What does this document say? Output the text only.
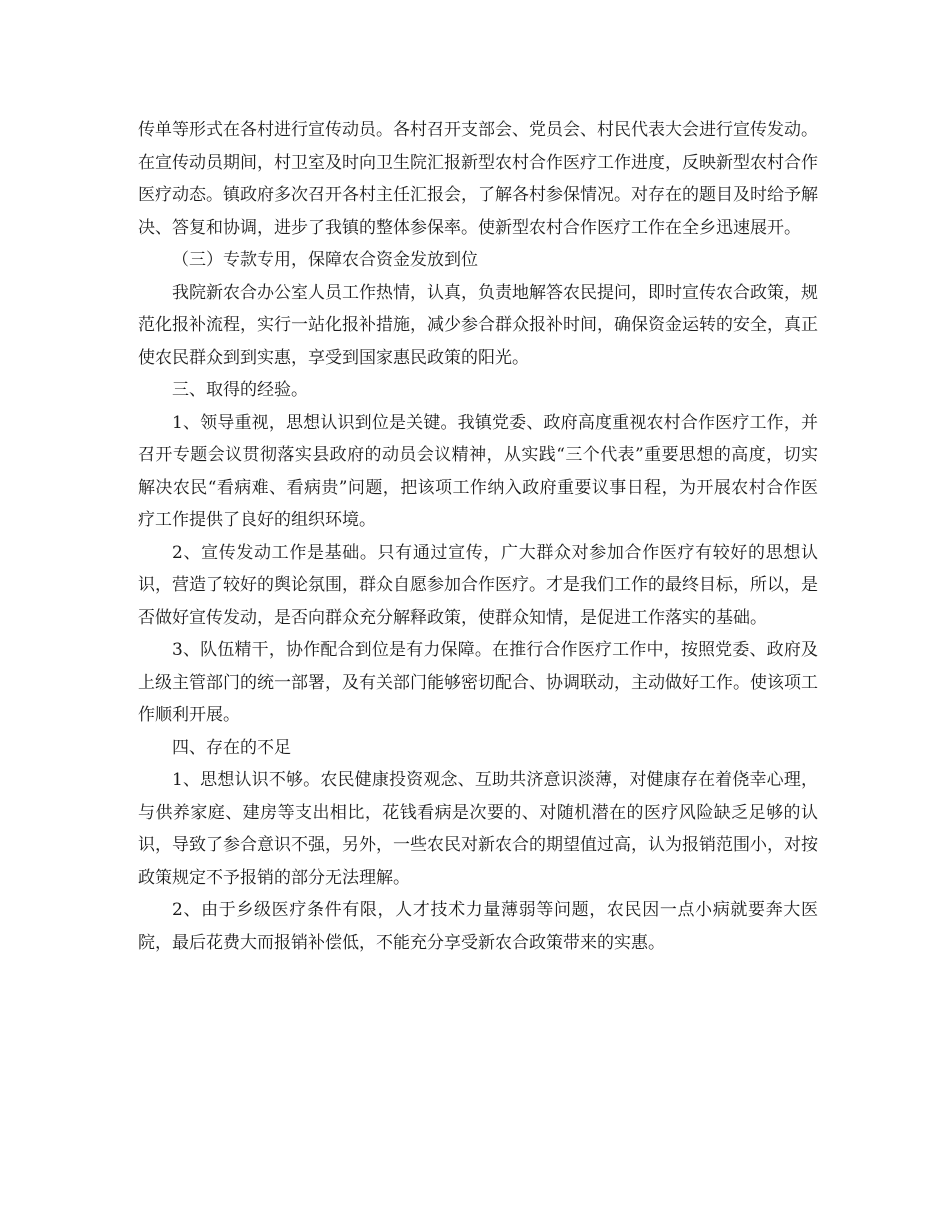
传单等形式在各村进行宣传动员。各村召开支部会、党员会、村民代表大会进行宣传发动。在宣传动员期间，村卫室及时向卫生院汇报新型农村合作医疗工作进度，反映新型农村合作医疗动态。镇政府多次召开各村主任汇报会，了解各村参保情况。对存在的题目及时给予解决、答复和协调，进步了我镇的整体参保率。使新型农村合作医疗工作在全乡迅速展开。

（三）专款专用，保障农合资金发放到位

我院新农合办公室人员工作热情，认真，负责地解答农民提问，即时宣传农合政策，规范化报补流程，实行一站化报补措施，减少参合群众报补时间，确保资金运转的安全，真正使农民群众到到实惠，享受到国家惠民政策的阳光。

三、取得的经验。

1、领导重视，思想认识到位是关键。我镇党委、政府高度重视农村合作医疗工作，并召开专题会议贯彻落实县政府的动员会议精神，从实践“三个代表”重要思想的高度，切实解决农民“看病难、看病贵”问题，把该项工作纳入政府重要议事日程，为开展农村合作医疗工作提供了良好的组织环境。

2、宣传发动工作是基础。只有通过宣传，广大群众对参加合作医疗有较好的思想认识，营造了较好的舆论氛围，群众自愿参加合作医疗。才是我们工作的最终目标，所以，是否做好宣传发动，是否向群众充分解释政策，使群众知情，是促进工作落实的基础。

3、队伍精干，协作配合到位是有力保障。在推行合作医疗工作中，按照党委、政府及上级主管部门的统一部署，及有关部门能够密切配合、协调联动，主动做好工作。使该项工作顺利开展。

四、存在的不足

1、思想认识不够。农民健康投资观念、互助共济意识淡薄，对健康存在着侥幸心理，与供养家庭、建房等支出相比，花钱看病是次要的、对随机潜在的医疗风险缺乏足够的认识，导致了参合意识不强，另外，一些农民对新农合的期望值过高，认为报销范围小，对按政策规定不予报销的部分无法理解。

2、由于乡级医疗条件有限，人才技术力量薄弱等问题，农民因一点小病就要奔大医院，最后花费大而报销补偿低，不能充分享受新农合政策带来的实惠。
